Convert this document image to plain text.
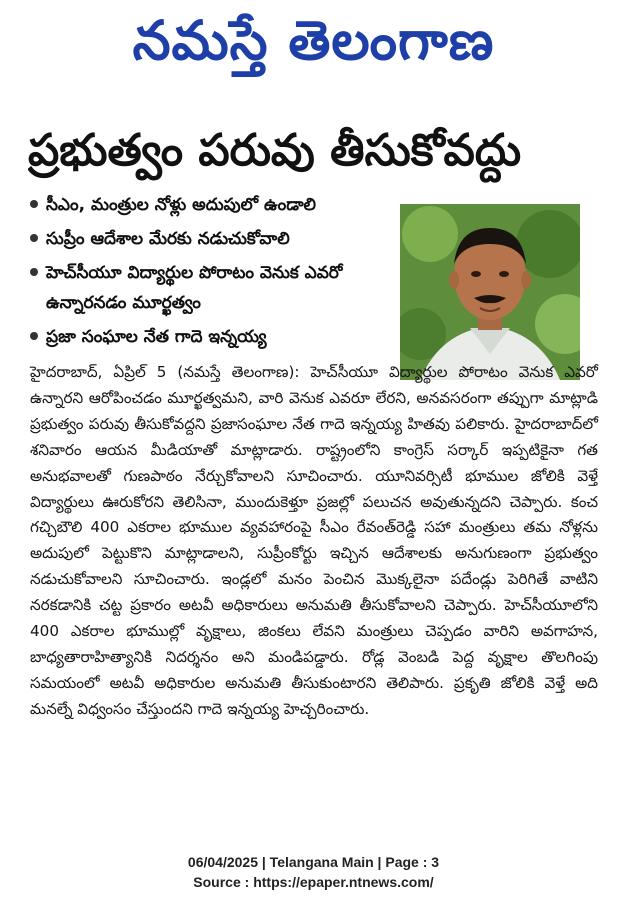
నమస్తే తెలంగాణ
ప్రభుత్వం పరువు తీసుకోవద్దు
సీఎం, మంత్రుల నోళ్లు అదుపులో ఉండాలి
సుప్రీం ఆదేశాల మేరకు నడుచుకోవాలి
హెచ్‌సీయూ విద్యార్థుల పోరాటం వెనుక ఎవరో ఉన్నారనడం మూర్ఖత్వం
ప్రజా సంఘాల నేత గాదె ఇన్నయ్య
హైదరాబాద్, ఏప్రిల్ 5 (నమస్తే తెలంగాణ): హెచ్‌సీయూ విద్యార్థుల పోరాటం వెనుక ఎవరో ఉన్నారని ఆరోపించడం మూర్ఖత్వమని, వారి వెనుక ఎవరూ లేరని, అనవసరంగా తప్పుగా మాట్లాడి ప్రభుత్వం పరువు తీసుకోవద్దని ప్రజాసంఘాల నేత గాదె ఇన్నయ్య హితవు పలికారు. హైదరాబాద్‌లో శనివారం ఆయన మీడియాతో మాట్లాడారు. రాష్ట్రంలోని కాంగ్రెస్ సర్కార్ ఇప్పటికైనా గత అనుభవాలతో గుణపాఠం నేర్చుకోవాలని సూచించారు. యూనివర్సిటీ భూముల జోలికి వెళ్తే విద్యార్థులు ఊరుకోరని తెలిసినా, ముందుకెళ్తూ ప్రజల్లో పలుచన అవుతున్నదని చెప్పారు. కంచ గచ్చిబౌలి 400 ఎకరాల భూముల వ్యవహారంపై సీఎం రేవంత్‌రెడ్డి సహా మంత్రులు తమ నోళ్లను అదుపులో పెట్టుకొని మాట్లాడాలని, సుప్రీంకోర్టు ఇచ్చిన ఆదేశాలకు అనుగుణంగా ప్రభుత్వం నడుచుకోవాలని సూచించారు. ఇండ్లలో మనం పెంచిన మొక్కలైనా పదేండ్లు పెరిగితే వాటిని నరకడానికి చట్ట ప్రకారం అటవీ అధికారులు అనుమతి తీసుకోవాలని చెప్పారు. హెచ్‌సీయూలోని 400 ఎకరాల భూముల్లో వృక్షాలు, జింకలు లేవని మంత్రులు చెప్పడం వారిని అవగాహన, బాధ్యతారాహిత్యానికి నిదర్శనం అని మండిపడ్డారు. రోడ్ల వెంబడి పెద్ద వృక్షాల తొలగింపు సమయంలో అటవీ అధికారుల అనుమతి తీసుకుంటారని తెలిపారు. ప్రకృతి జోలికి వెళ్తే అది మనల్నే విధ్వంసం చేస్తుందని గాదె ఇన్నయ్య హెచ్చరించారు.
06/04/2025 | Telangana Main | Page : 3
Source : https://epaper.ntnews.com/
